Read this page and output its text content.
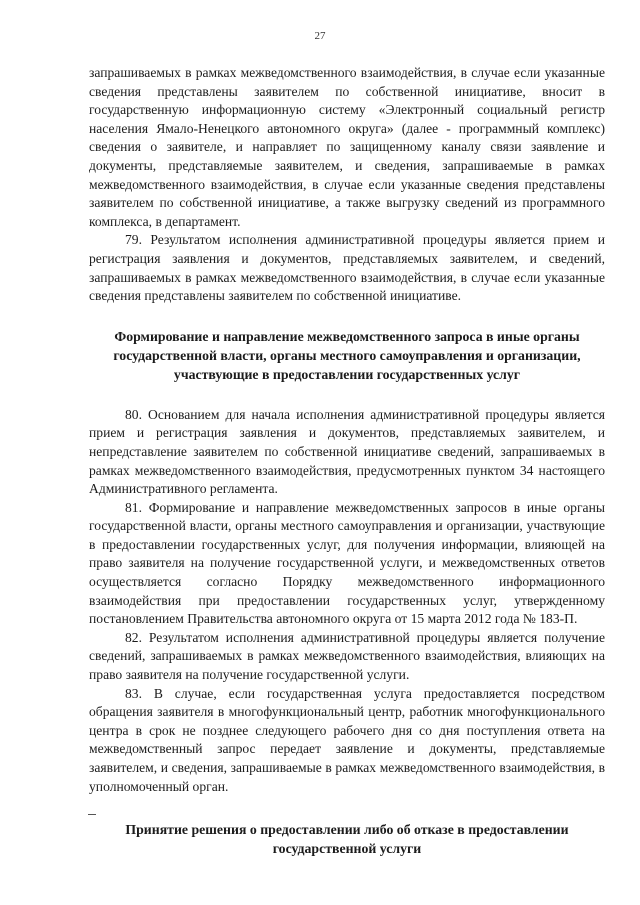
27

запрашиваемых в рамках межведомственного взаимодействия, в случае если указанные сведения представлены заявителем по собственной инициативе, вносит в государственную информационную систему «Электронный социальный регистр населения Ямало-Ненецкого автономного округа» (далее - программный комплекс) сведения о заявителе, и направляет по защищенному каналу связи заявление и документы, представляемые заявителем, и сведения, запрашиваемые в рамках межведомственного взаимодействия, в случае если указанные сведения представлены заявителем по собственной инициативе, а также выгрузку сведений из программного комплекса, в департамент.

79. Результатом исполнения административной процедуры является прием и регистрация заявления и документов, представляемых заявителем, и сведений, запрашиваемых в рамках межведомственного взаимодействия, в случае если указанные сведения представлены заявителем по собственной инициативе.

Формирование и направление межведомственного запроса в иные органы государственной власти, органы местного самоуправления и организации, участвующие в предоставлении государственных услуг

80. Основанием для начала исполнения административной процедуры является прием и регистрация заявления и документов, представляемых заявителем, и непредставление заявителем по собственной инициативе сведений, запрашиваемых в рамках межведомственного взаимодействия, предусмотренных пунктом 34 настоящего Административного регламента.

81. Формирование и направление межведомственных запросов в иные органы государственной власти, органы местного самоуправления и организации, участвующие в предоставлении государственных услуг, для получения информации, влияющей на право заявителя на получение государственной услуги, и межведомственных ответов осуществляется согласно Порядку межведомственного информационного взаимодействия при предоставлении государственных услуг, утвержденному постановлением Правительства автономного округа от 15 марта 2012 года № 183-П.

82. Результатом исполнения административной процедуры является получение сведений, запрашиваемых в рамках межведомственного взаимодействия, влияющих на право заявителя на получение государственной услуги.

83. В случае, если государственная услуга предоставляется посредством обращения заявителя в многофункциональный центр, работник многофункционального центра в срок не позднее следующего рабочего дня со дня поступления ответа на межведомственный запрос передает заявление и документы, представляемые заявителем, и сведения, запрашиваемые в рамках межведомственного взаимодействия, в уполномоченный орган.

Принятие решения о предоставлении либо об отказе в предоставлении государственной услуги
